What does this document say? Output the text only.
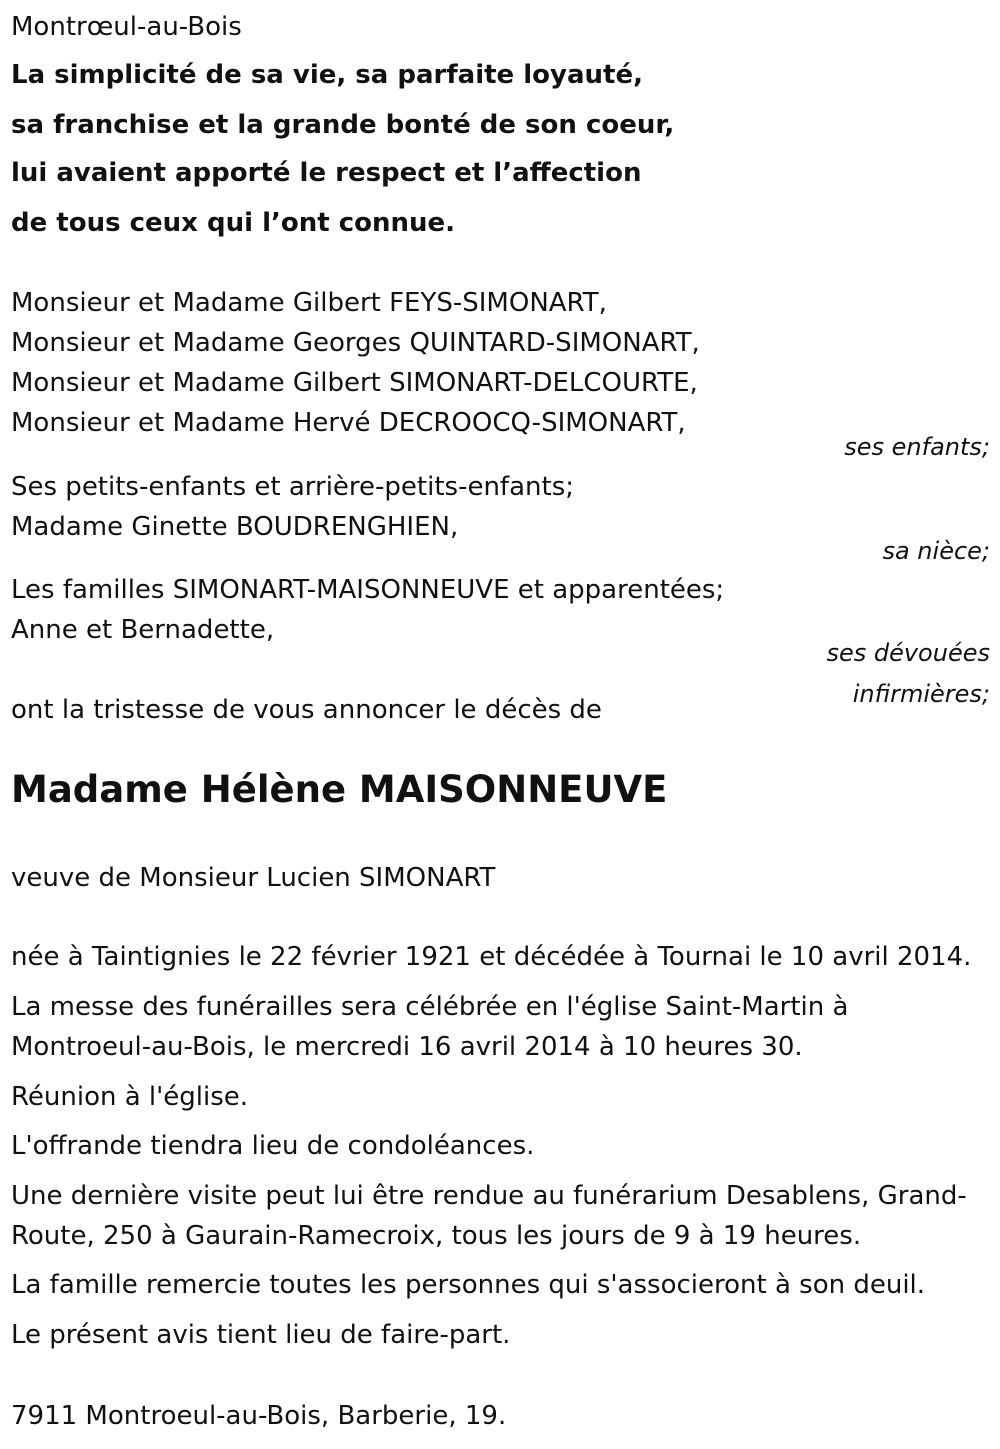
Montrœul-au-Bois
La simplicité de sa vie, sa parfaite loyauté,
sa franchise et la grande bonté de son coeur,
lui avaient apporté le respect et l’affection
de tous ceux qui l’ont connue.
Monsieur et Madame Gilbert FEYS-SIMONART,
Monsieur et Madame Georges QUINTARD-SIMONART,
Monsieur et Madame Gilbert SIMONART-DELCOURTE,
Monsieur et Madame Hervé DECROOCQ-SIMONART,
ses enfants;
Ses petits-enfants et arrière-petits-enfants;
Madame Ginette BOUDRENGHIEN,
sa nièce;
Les familles SIMONART-MAISONNEUVE et apparentées;
Anne et Bernadette,
ses dévouées
infirmières;
ont la tristesse de vous annoncer le décès de
Madame Hélène MAISONNEUVE
veuve de Monsieur Lucien SIMONART
née à Taintignies le 22 février 1921 et décédée à Tournai le 10 avril 2014.
La messe des funérailles sera célébrée en l'église Saint-Martin à
Montroeul-au-Bois, le mercredi 16 avril 2014 à 10 heures 30.
Réunion à l'église.
L'offrande tiendra lieu de condoléances.
Une dernière visite peut lui être rendue au funérarium Desablens, Grand-
Route, 250 à Gaurain-Ramecroix, tous les jours de 9 à 19 heures.
La famille remercie toutes les personnes qui s'associeront à son deuil.
Le présent avis tient lieu de faire-part.
7911 Montroeul-au-Bois, Barberie, 19.
